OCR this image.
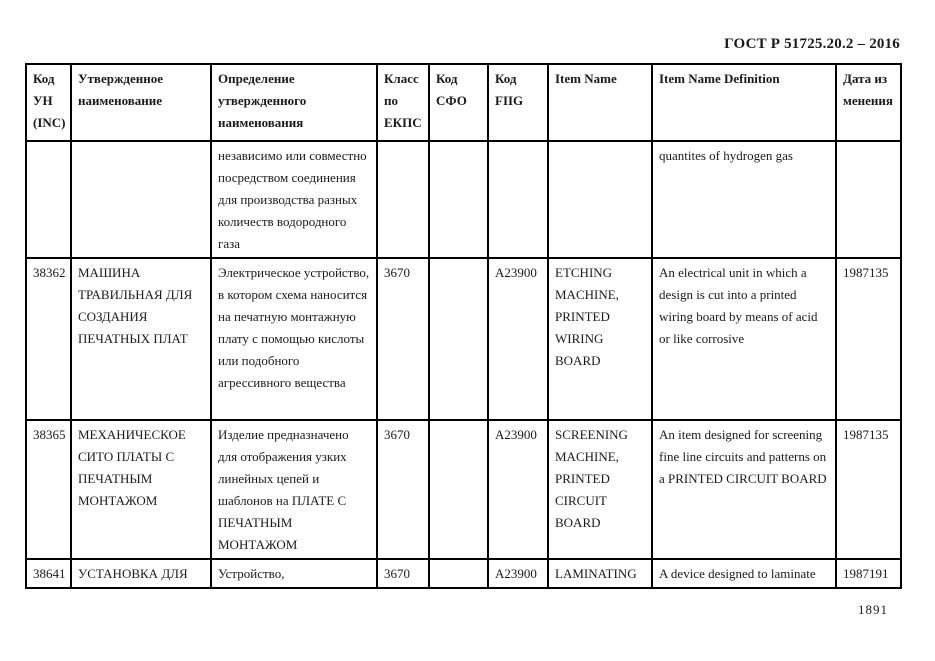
ГОСТ Р 51725.20.2 – 2016
Код УН (INC)	Утвержденное наименование	Определение утвержденного наименования	Класс по ЕКПС	Код СФО	Код FIIG	Item Name	Item Name Definition	Дата изменения
		независимо или совместно посредством соединения для производства разных количеств водородного газа					quantites of hydrogen gas	
38362	МАШИНА ТРАВИЛЬНАЯ ДЛЯ СОЗДАНИЯ ПЕЧАТНЫХ ПЛАТ	Электрическое устройство, в котором схема наносится на печатную монтажную плату с помощью кислоты или подобного агрессивного вещества	3670		A23900	ETCHING MACHINE, PRINTED WIRING BOARD	An electrical unit in which a design is cut into a printed wiring board by means of acid or like corrosive	1987135
38365	МЕХАНИЧЕСКОЕ СИТО ПЛАТЫ С ПЕЧАТНЫМ МОНТАЖОМ	Изделие предназначено для отображения узких линейных цепей и шаблонов на ПЛАТЕ С ПЕЧАТНЫМ МОНТАЖОМ	3670		A23900	SCREENING MACHINE, PRINTED CIRCUIT BOARD	An item designed for screening fine line circuits and patterns on a PRINTED CIRCUIT BOARD	1987135
38641	УСТАНОВКА ДЛЯ	Устройство,	3670		A23900	LAMINATING	A device designed to laminate	1987191
1891
